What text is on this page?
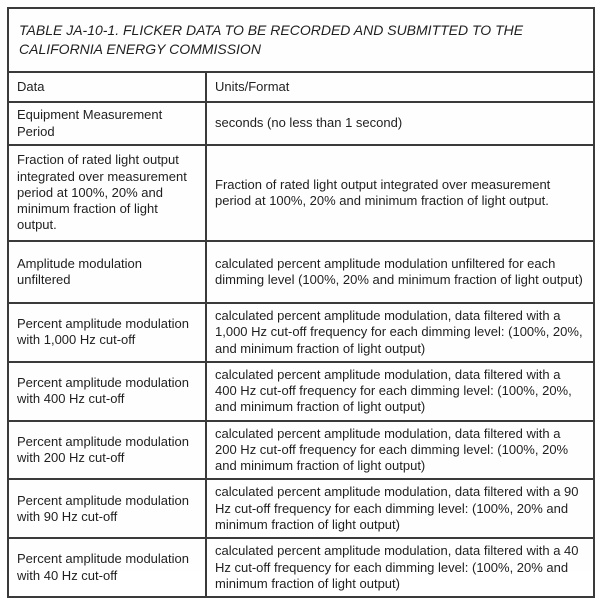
TABLE JA-10-1. FLICKER DATA TO BE RECORDED AND SUBMITTED TO THE CALIFORNIA ENERGY COMMISSION	
Data	Units/Format
Equipment Measurement Period	seconds (no less than 1 second)
Fraction of rated light output integrated over measurement period at 100%, 20% and minimum fraction of light output.	Fraction of rated light output integrated over measurement period at 100%, 20% and minimum fraction of light output.
Amplitude modulation unfiltered	calculated percent amplitude modulation unfiltered for each dimming level (100%, 20% and minimum fraction of light output)
Percent amplitude modulation with 1,000 Hz cut-off	calculated percent amplitude modulation, data filtered with a 1,000 Hz cut-off frequency for each dimming level: (100%, 20%, and minimum fraction of light output)
Percent amplitude modulation with 400 Hz cut-off	calculated percent amplitude modulation, data filtered with a 400 Hz cut-off frequency for each dimming level: (100%, 20%, and minimum fraction of light output)
Percent amplitude modulation with 200 Hz cut-off	calculated percent amplitude modulation, data filtered with a 200 Hz cut-off frequency for each dimming level: (100%, 20% and minimum fraction of light output)
Percent amplitude modulation with 90 Hz cut-off	calculated percent amplitude modulation, data filtered with a 90 Hz cut-off frequency for each dimming level: (100%, 20% and minimum fraction of light output)
Percent amplitude modulation with 40 Hz cut-off	calculated percent amplitude modulation, data filtered with a 40 Hz cut-off frequency for each dimming level: (100%, 20% and minimum fraction of light output)
